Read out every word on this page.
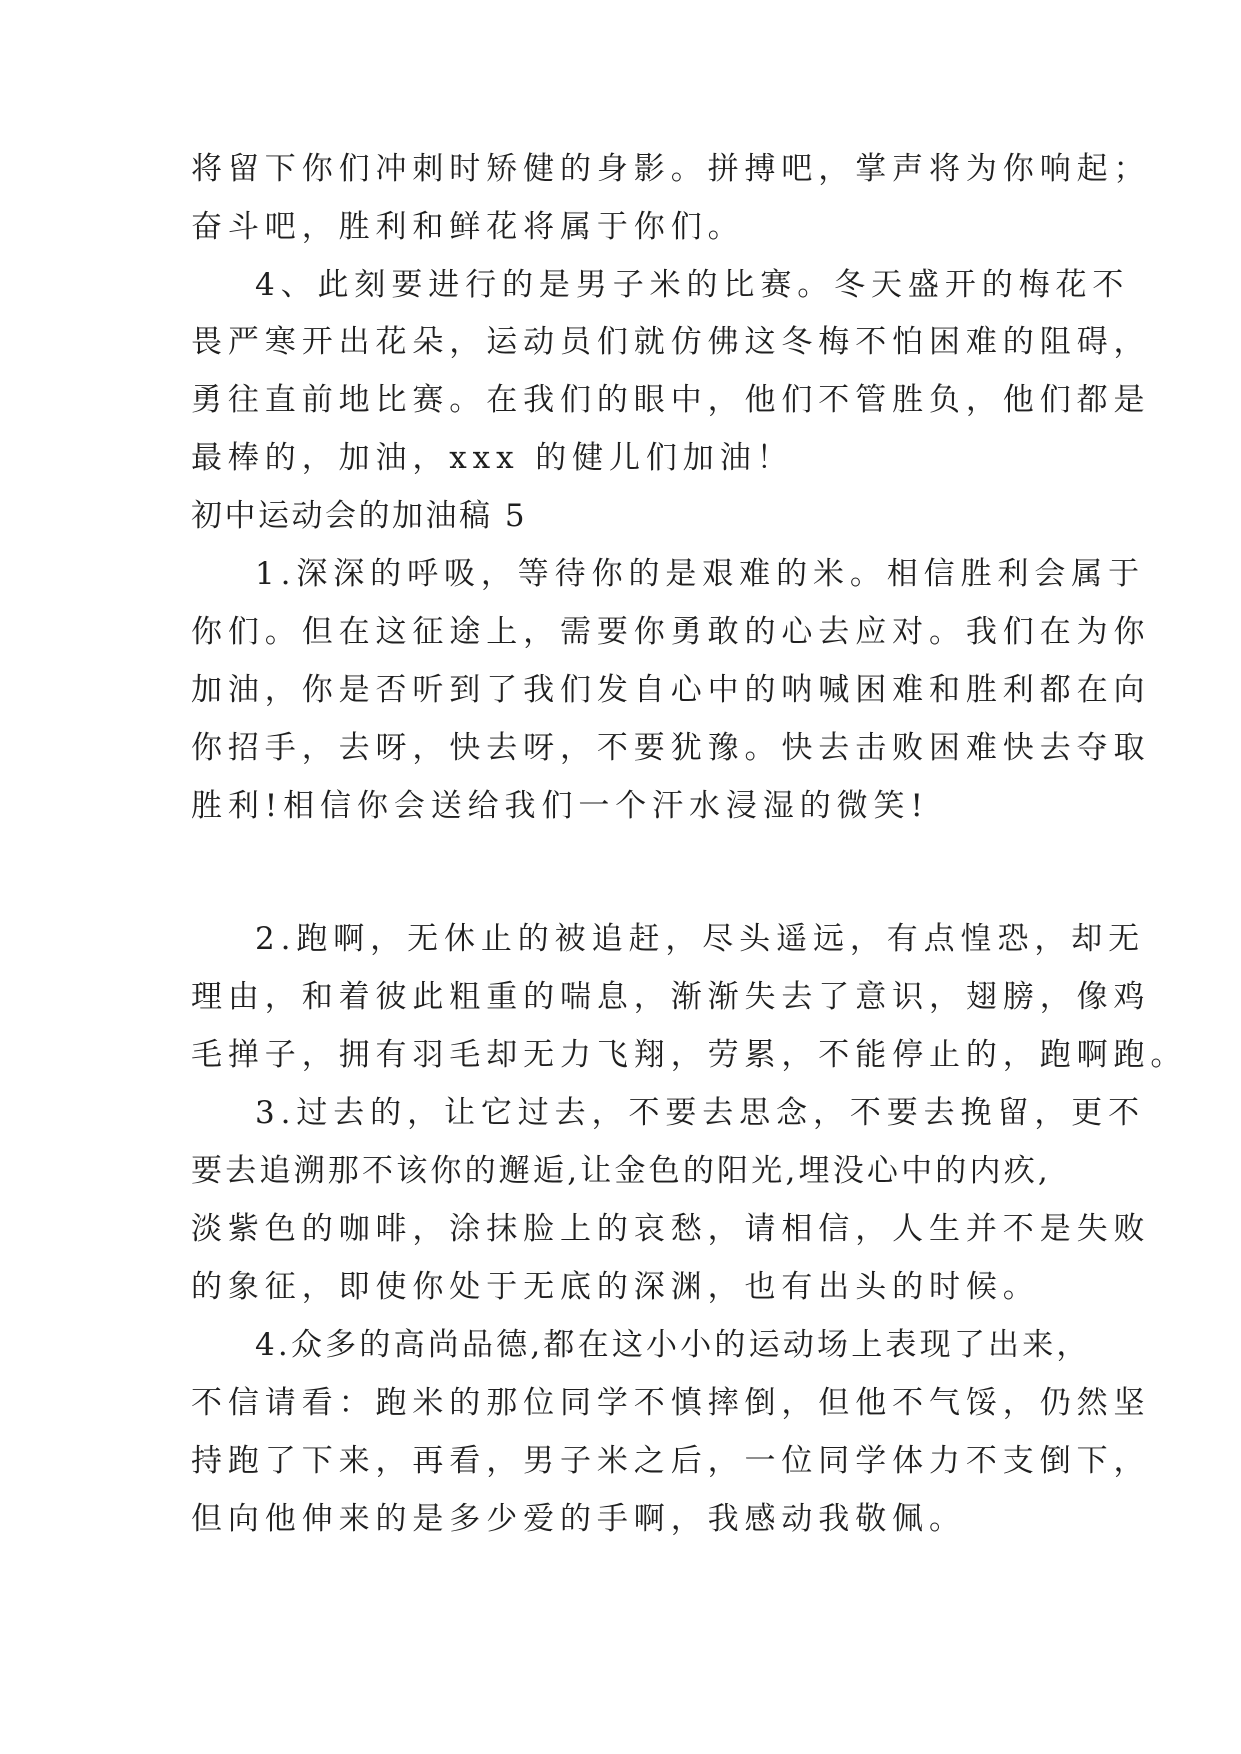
将留下你们冲刺时矫健的身影。拼搏吧，掌声将为你响起；
奋斗吧，胜利和鲜花将属于你们。
4、此刻要进行的是男子米的比赛。冬天盛开的梅花不
畏严寒开出花朵，运动员们就仿佛这冬梅不怕困难的阻碍，
勇往直前地比赛。在我们的眼中，他们不管胜负，他们都是
最棒的，加油，xxx 的健儿们加油！
初中运动会的加油稿 5
1.深深的呼吸，等待你的是艰难的米。相信胜利会属于
你们。但在这征途上，需要你勇敢的心去应对。我们在为你
加油，你是否听到了我们发自心中的呐喊困难和胜利都在向
你招手，去呀，快去呀，不要犹豫。快去击败困难快去夺取
胜利!相信你会送给我们一个汗水浸湿的微笑!
2.跑啊，无休止的被追赶，尽头遥远，有点惶恐，却无
理由，和着彼此粗重的喘息，渐渐失去了意识，翅膀，像鸡
毛掸子，拥有羽毛却无力飞翔，劳累，不能停止的，跑啊跑。
3.过去的，让它过去，不要去思念，不要去挽留，更不
要去追溯那不该你的邂逅,让金色的阳光,埋没心中的内疚,
淡紫色的咖啡，涂抹脸上的哀愁，请相信，人生并不是失败
的象征，即使你处于无底的深渊，也有出头的时候。
4.众多的高尚品德,都在这小小的运动场上表现了出来，
不信请看：跑米的那位同学不慎摔倒，但他不气馁，仍然坚
持跑了下来，再看，男子米之后，一位同学体力不支倒下，
但向他伸来的是多少爱的手啊，我感动我敬佩。
